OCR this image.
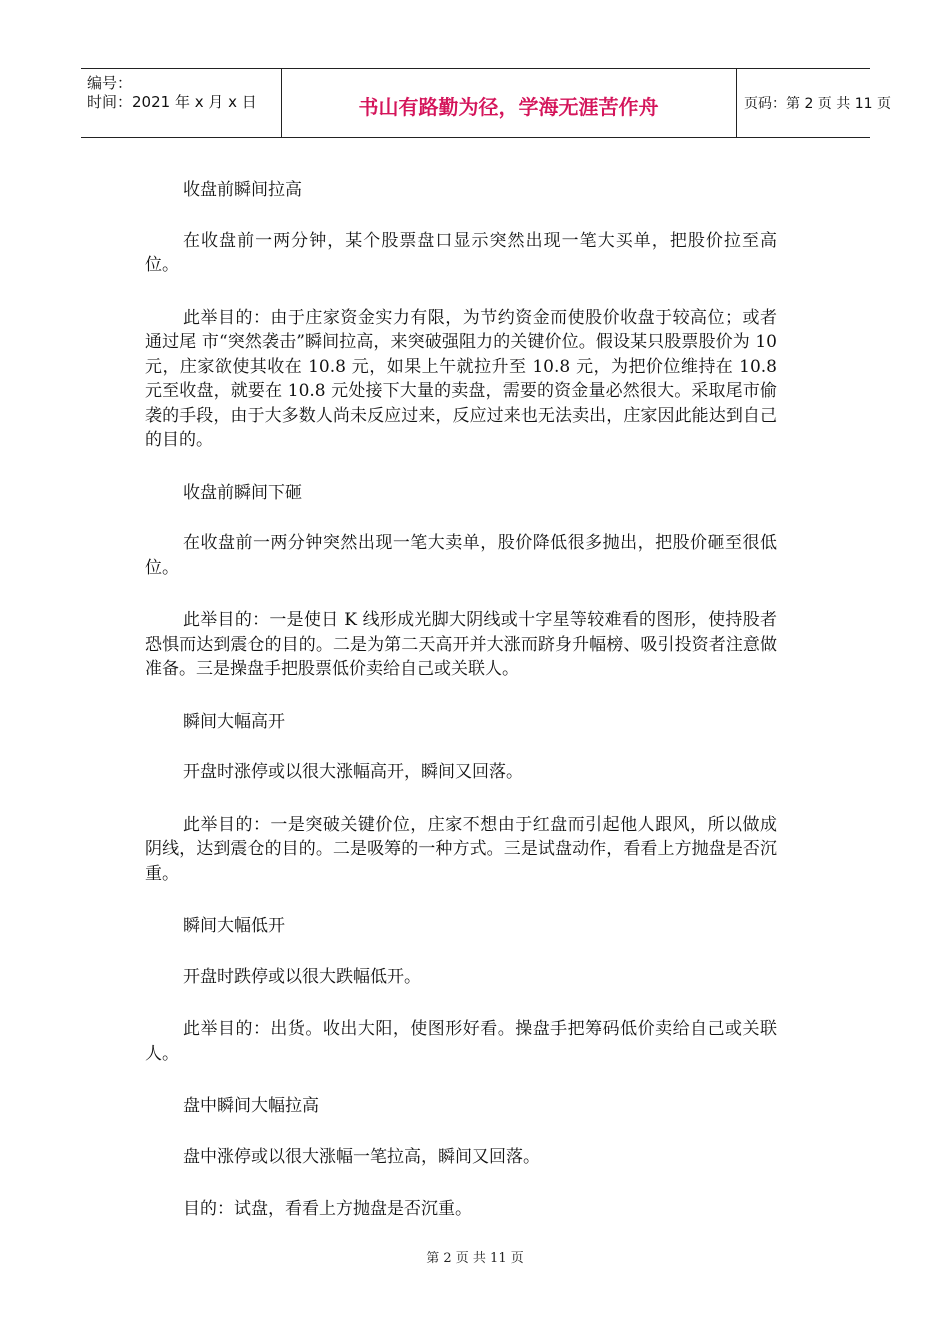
编号：
时间：2021 年 x 月 x 日	书山有路勤为径，学海无涯苦作舟	页码：第 2 页 共 11 页

收盘前瞬间拉高

在收盘前一两分钟，某个股票盘口显示突然出现一笔大买单，把股价拉至高位。

此举目的：由于庄家资金实力有限，为节约资金而使股价收盘于较高位；或者通过尾 市“突然袭击”瞬间拉高，来突破强阻力的关键价位。假设某只股票股价为 10 元，庄家欲使其收在 10.8 元，如果上午就拉升至 10.8 元，为把价位维持在 10.8 元至收盘，就要在 10.8 元处接下大量的卖盘，需要的资金量必然很大。采取尾市偷袭的手段，由于大多数人尚未反应过来，反应过来也无法卖出，庄家因此能达到自己的目的。

收盘前瞬间下砸

在收盘前一两分钟突然出现一笔大卖单，股价降低很多抛出，把股价砸至很低位。

此举目的：一是使日 K 线形成光脚大阴线或十字星等较难看的图形，使持股者恐惧而达到震仓的目的。二是为第二天高开并大涨而跻身升幅榜、吸引投资者注意做准备。三是操盘手把股票低价卖给自己或关联人。

瞬间大幅高开

开盘时涨停或以很大涨幅高开，瞬间又回落。

此举目的：一是突破关键价位，庄家不想由于红盘而引起他人跟风，所以做成阴线，达到震仓的目的。二是吸筹的一种方式。三是试盘动作，看看上方抛盘是否沉重。

瞬间大幅低开

开盘时跌停或以很大跌幅低开。

此举目的：出货。收出大阳，使图形好看。操盘手把筹码低价卖给自己或关联人。

盘中瞬间大幅拉高

盘中涨停或以很大涨幅一笔拉高，瞬间又回落。

目的：试盘，看看上方抛盘是否沉重。

第 2 页 共 11 页
